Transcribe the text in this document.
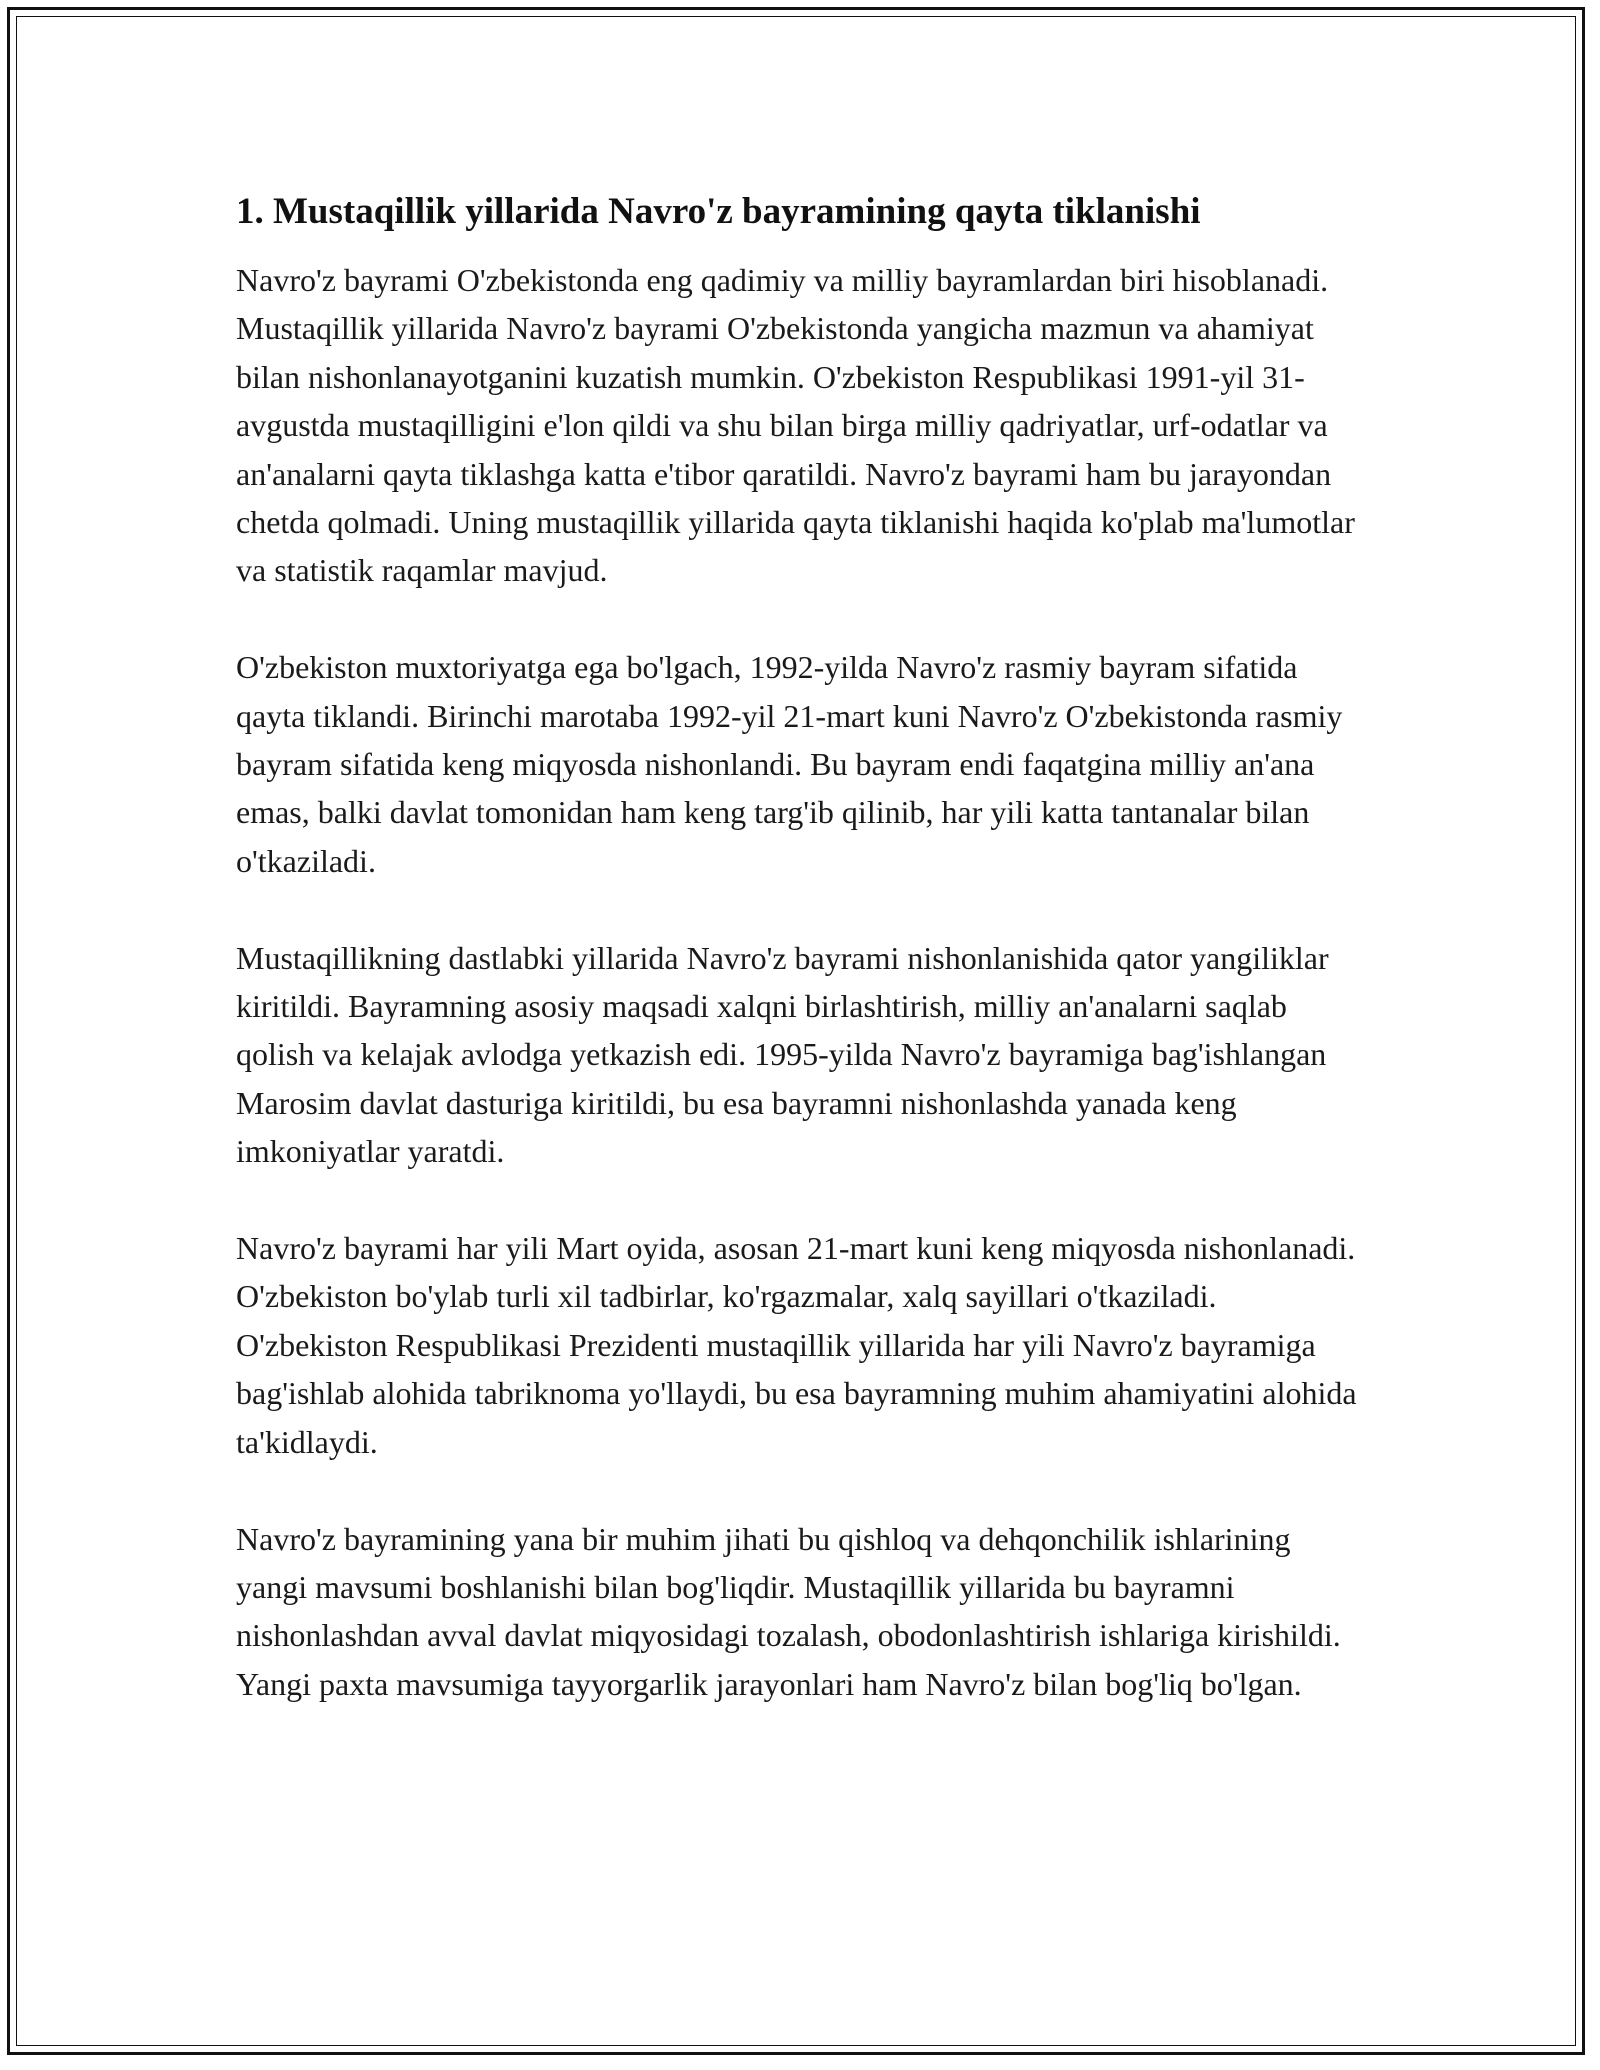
1. Mustaqillik yillarida Navro'z bayramining qayta tiklanishi

Navro'z bayrami O'zbekistonda eng qadimiy va milliy bayramlardan biri hisoblanadi. Mustaqillik yillarida Navro'z bayrami O'zbekistonda yangicha mazmun va ahamiyat bilan nishonlanayotganini kuzatish mumkin. O'zbekiston Respublikasi 1991-yil 31-avgustda mustaqilligini e'lon qildi va shu bilan birga milliy qadriyatlar, urf-odatlar va an'analarni qayta tiklashga katta e'tibor qaratildi. Navro'z bayrami ham bu jarayondan chetda qolmadi. Uning mustaqillik yillarida qayta tiklanishi haqida ko'plab ma'lumotlar va statistik raqamlar mavjud.

O'zbekiston muxtoriyatga ega bo'lgach, 1992-yilda Navro'z rasmiy bayram sifatida qayta tiklandi. Birinchi marotaba 1992-yil 21-mart kuni Navro'z O'zbekistonda rasmiy bayram sifatida keng miqyosda nishonlandi. Bu bayram endi faqatgina milliy an'ana emas, balki davlat tomonidan ham keng targ'ib qilinib, har yili katta tantanalar bilan o'tkaziladi.

Mustaqillikning dastlabki yillarida Navro'z bayrami nishonlanishida qator yangiliklar kiritildi. Bayramning asosiy maqsadi xalqni birlashtirish, milliy an'analarni saqlab qolish va kelajak avlodga yetkazish edi. 1995-yilda Navro'z bayramiga bag'ishlangan Marosim davlat dasturiga kiritildi, bu esa bayramni nishonlashda yanada keng imkoniyatlar yaratdi.

Navro'z bayrami har yili Mart oyida, asosan 21-mart kuni keng miqyosda nishonlanadi. O'zbekiston bo'ylab turli xil tadbirlar, ko'rgazmalar, xalq sayillari o'tkaziladi. O'zbekiston Respublikasi Prezidenti mustaqillik yillarida har yili Navro'z bayramiga bag'ishlab alohida tabriknoma yo'llaydi, bu esa bayramning muhim ahamiyatini alohida ta'kidlaydi.

Navro'z bayramining yana bir muhim jihati bu qishloq va dehqonchilik ishlarining yangi mavsumi boshlanishi bilan bog'liqdir. Mustaqillik yillarida bu bayramni nishonlashdan avval davlat miqyosidagi tozalash, obodonlashtirish ishlariga kirishildi. Yangi paxta mavsumiga tayyorgarlik jarayonlari ham Navro'z bilan bog'liq bo'lgan.
